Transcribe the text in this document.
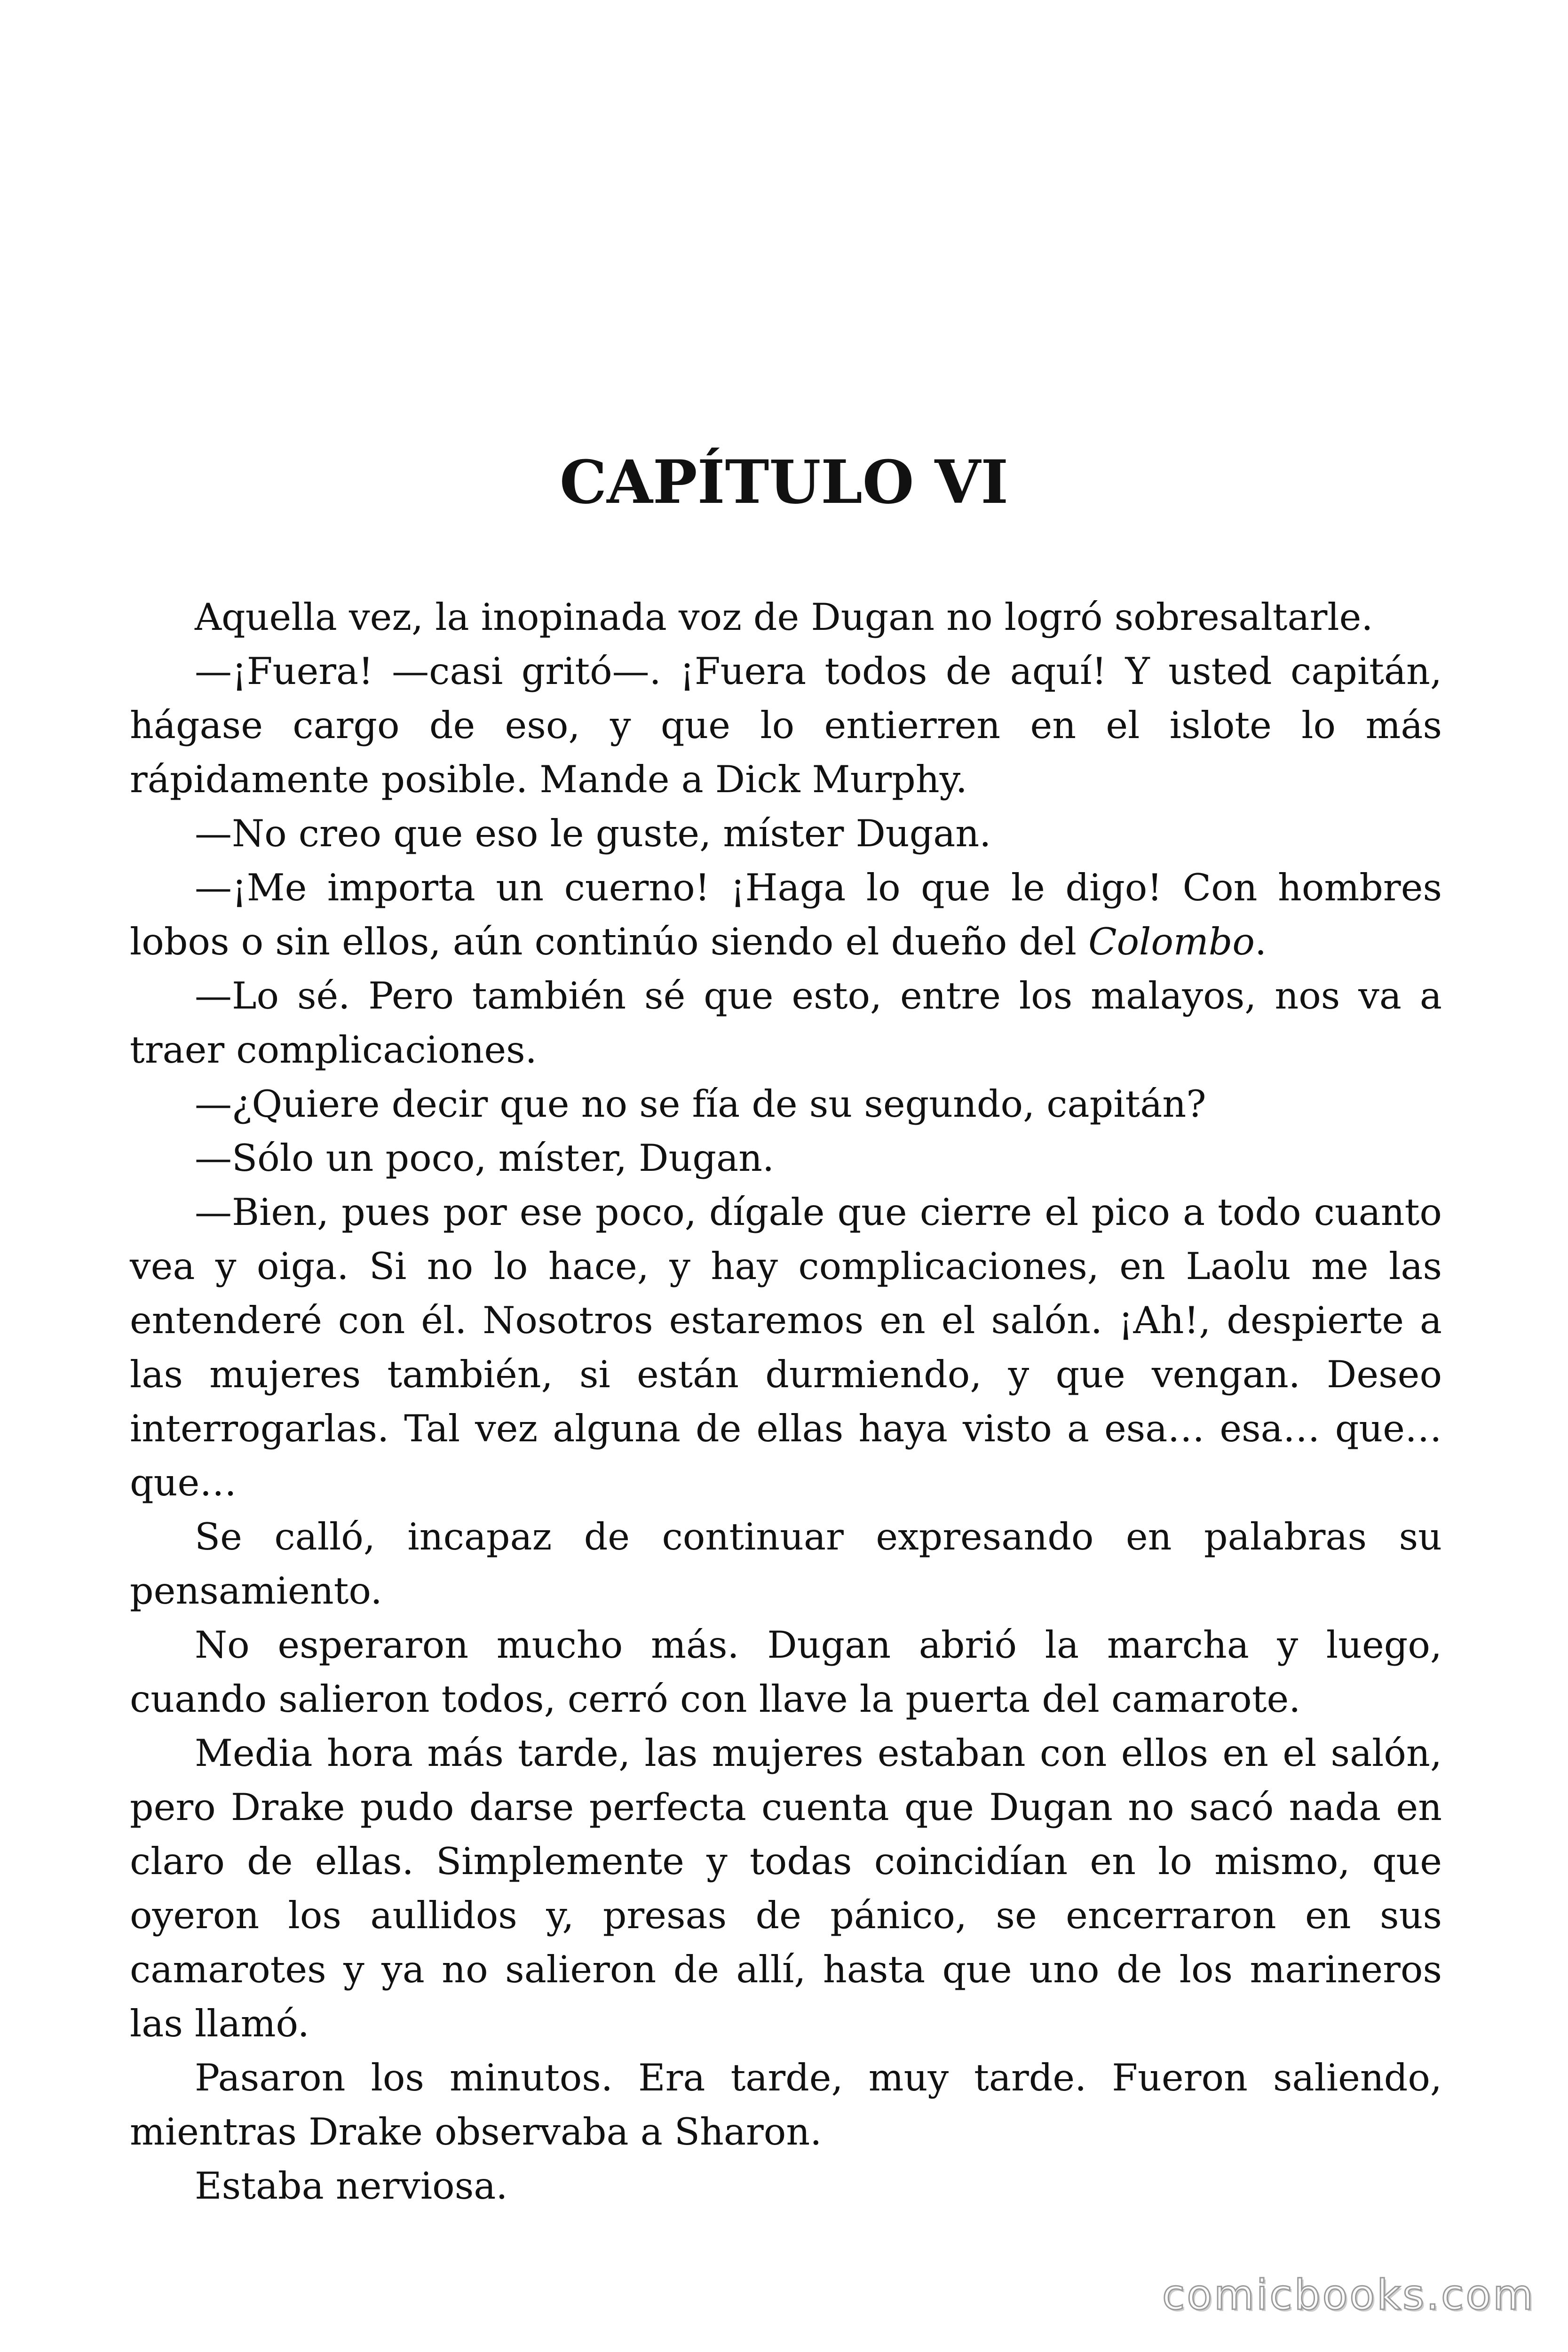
CAPÍTULO VI

Aquella vez, la inopinada voz de Dugan no logró sobresaltarle.

—¡Fuera! —casi gritó—. ¡Fuera todos de aquí! Y usted capitán, hágase cargo de eso, y que lo entierren en el islote lo más rápidamente posible. Mande a Dick Murphy.

—No creo que eso le guste, míster Dugan.

—¡Me importa un cuerno! ¡Haga lo que le digo! Con hombres lobos o sin ellos, aún continúo siendo el dueño del Colombo.

—Lo sé. Pero también sé que esto, entre los malayos, nos va a traer complicaciones.

—¿Quiere decir que no se fía de su segundo, capitán?

—Sólo un poco, míster, Dugan.

—Bien, pues por ese poco, dígale que cierre el pico a todo cuanto vea y oiga. Si no lo hace, y hay complicaciones, en Laolu me las entenderé con él. Nosotros estaremos en el salón. ¡Ah!, despierte a las mujeres también, si están durmiendo, y que vengan. Deseo interrogarlas. Tal vez alguna de ellas haya visto a esa… esa… que… que…

Se calló, incapaz de continuar expresando en palabras su pensamiento.

No esperaron mucho más. Dugan abrió la marcha y luego, cuando salieron todos, cerró con llave la puerta del camarote.

Media hora más tarde, las mujeres estaban con ellos en el salón, pero Drake pudo darse perfecta cuenta que Dugan no sacó nada en claro de ellas. Simplemente y todas coincidían en lo mismo, que oyeron los aullidos y, presas de pánico, se encerraron en sus camarotes y ya no salieron de allí, hasta que uno de los marineros las llamó.

Pasaron los minutos. Era tarde, muy tarde. Fueron saliendo, mientras Drake observaba a Sharon.

Estaba nerviosa.

comicbooks.com
